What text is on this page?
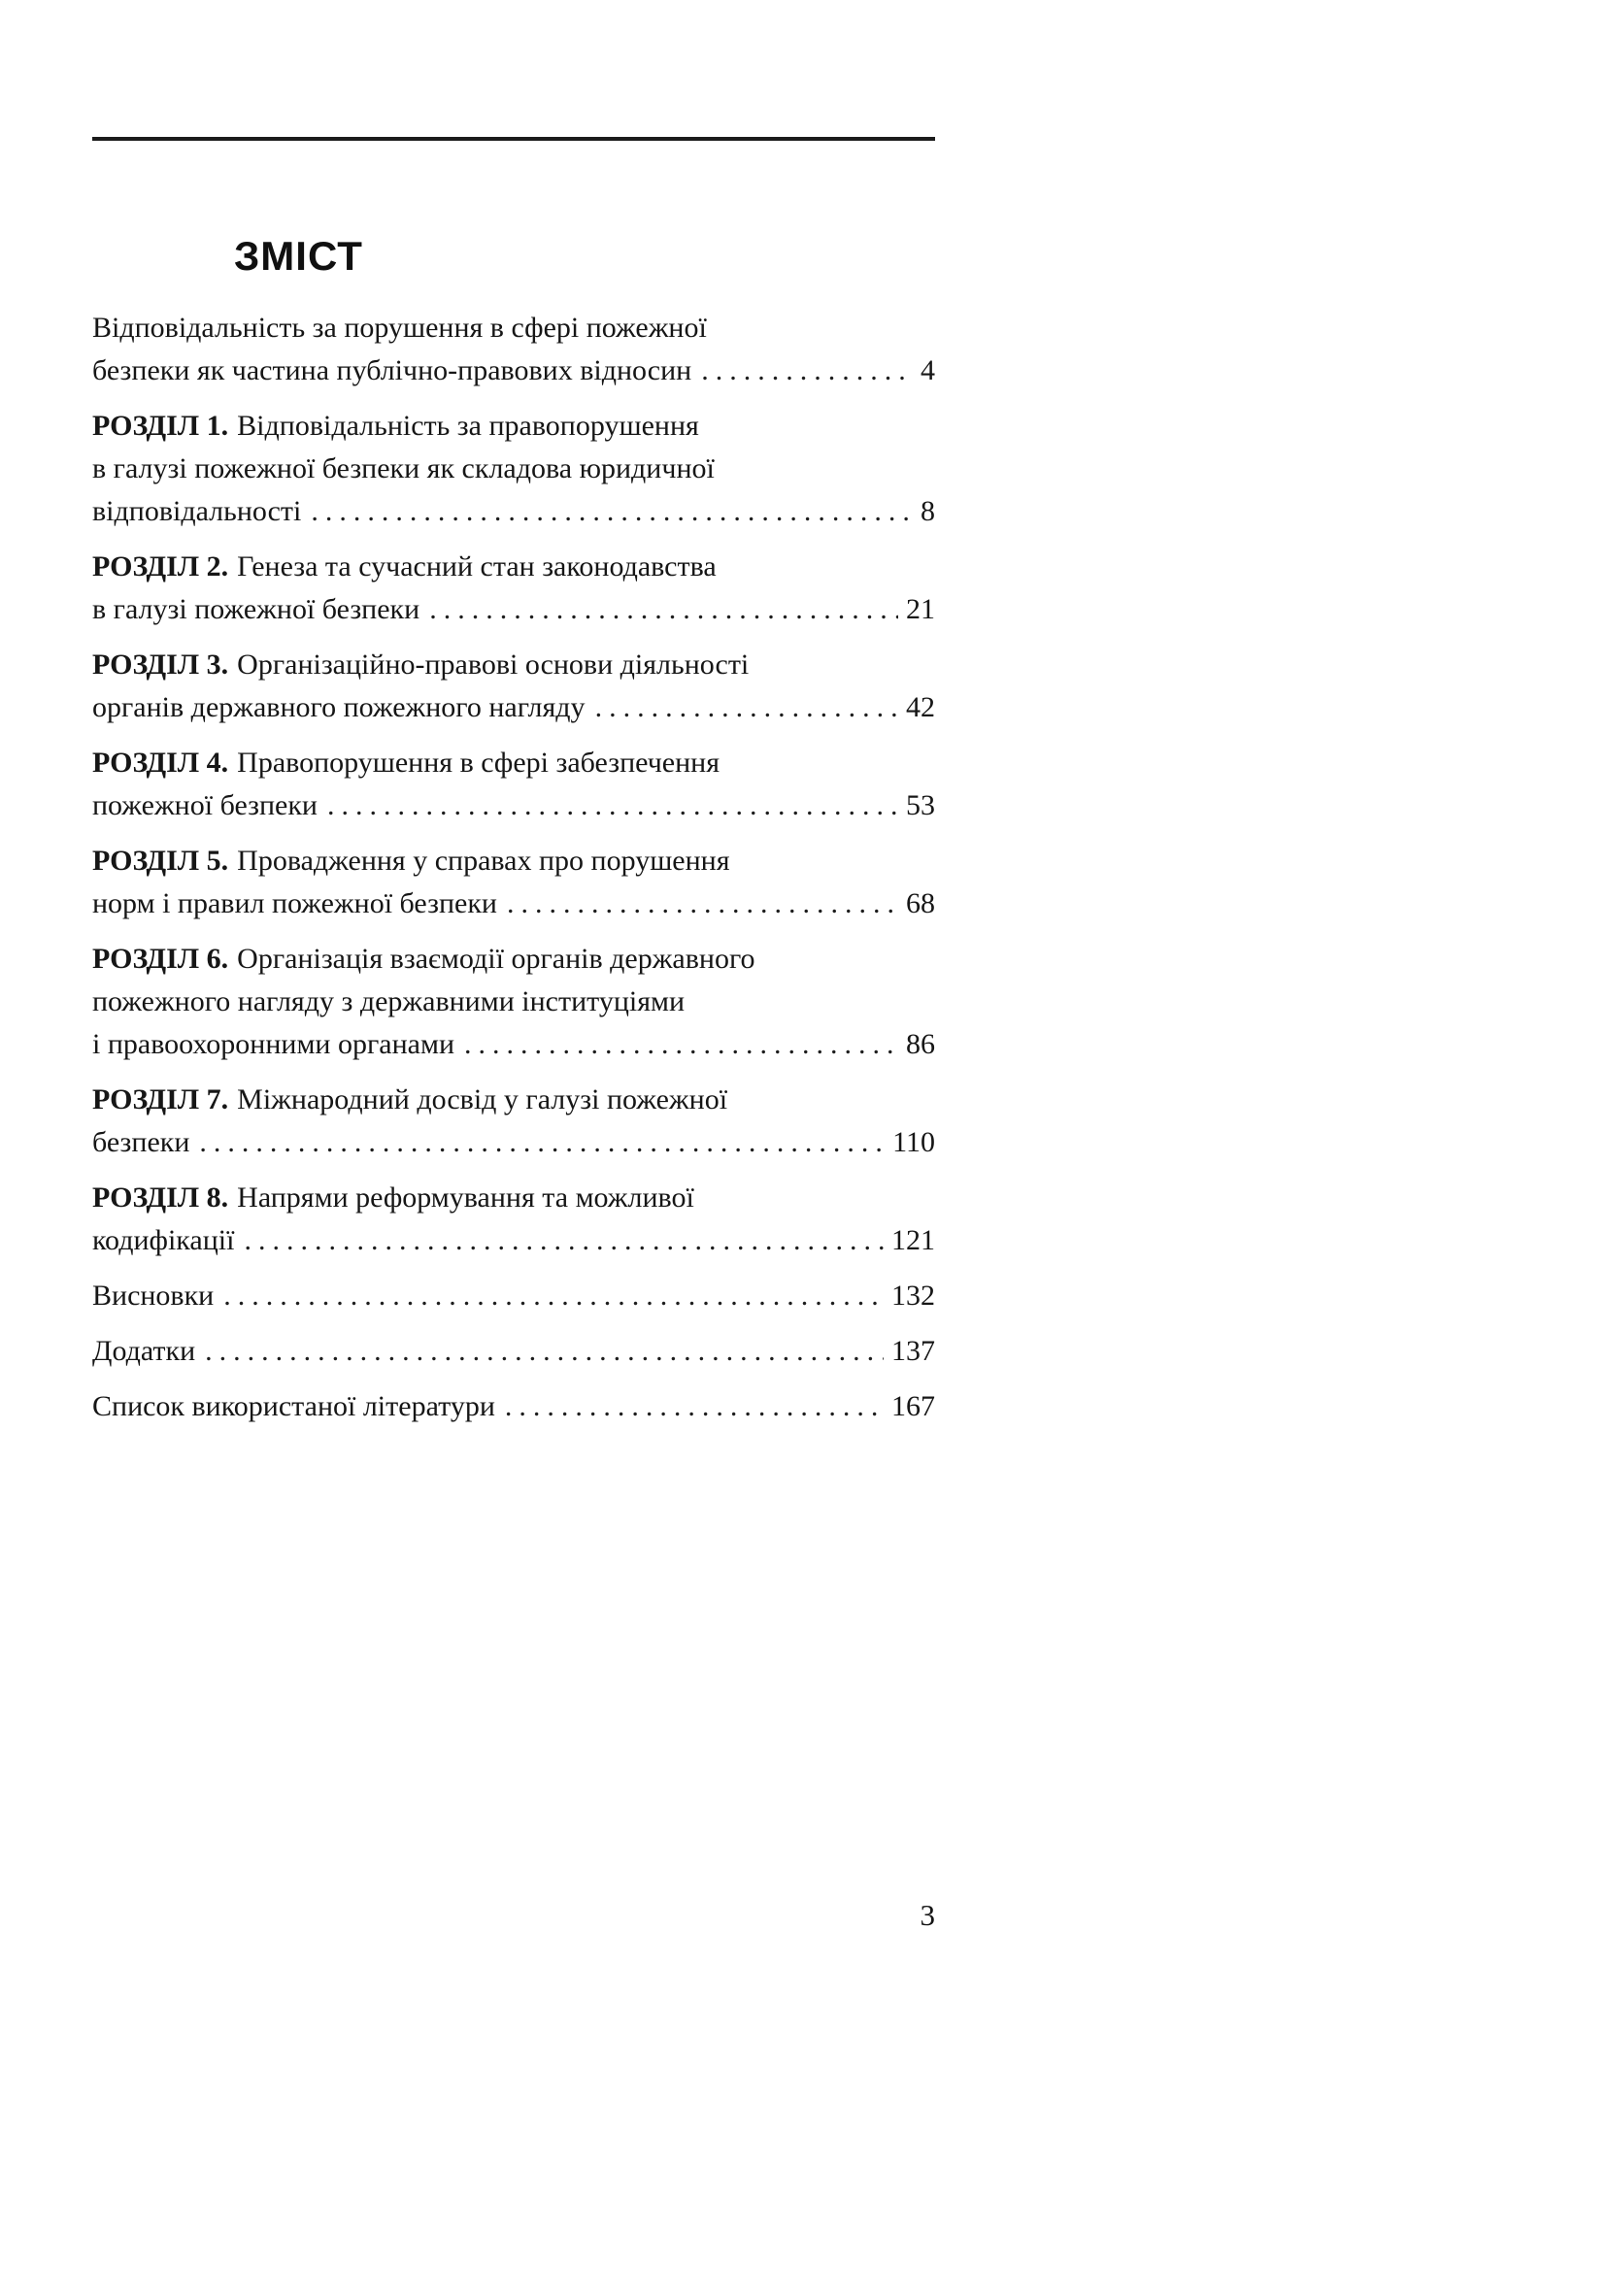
ЗМІСТ
Відповідальність за порушення в сфері пожежної
безпеки як частина публічно-правових відносин .....	4
РОЗДІЛ 1. Відповідальність за правопорушення
в галузі пожежної безпеки як складова юридичної
відповідальності .....	8
РОЗДІЛ 2. Генеза та сучасний стан законодавства
в галузі пожежної безпеки .....	21
РОЗДІЛ 3. Організаційно-правові основи діяльності
органів державного пожежного нагляду .....	42
РОЗДІЛ 4. Правопорушення в сфері забезпечення
пожежної безпеки .....	53
РОЗДІЛ 5. Провадження у справах про порушення
норм і правил пожежної безпеки .....	68
РОЗДІЛ 6. Організація взаємодії органів державного
пожежного нагляду з державними інституціями
і правоохоронними органами .....	86
РОЗДІЛ 7. Міжнародний досвід у галузі пожежної
безпеки .....	110
РОЗДІЛ 8. Напрями реформування та можливої
кодифікації .....	121
Висновки .....	132
Додатки .....	137
Список використаної літератури .....	167
3
